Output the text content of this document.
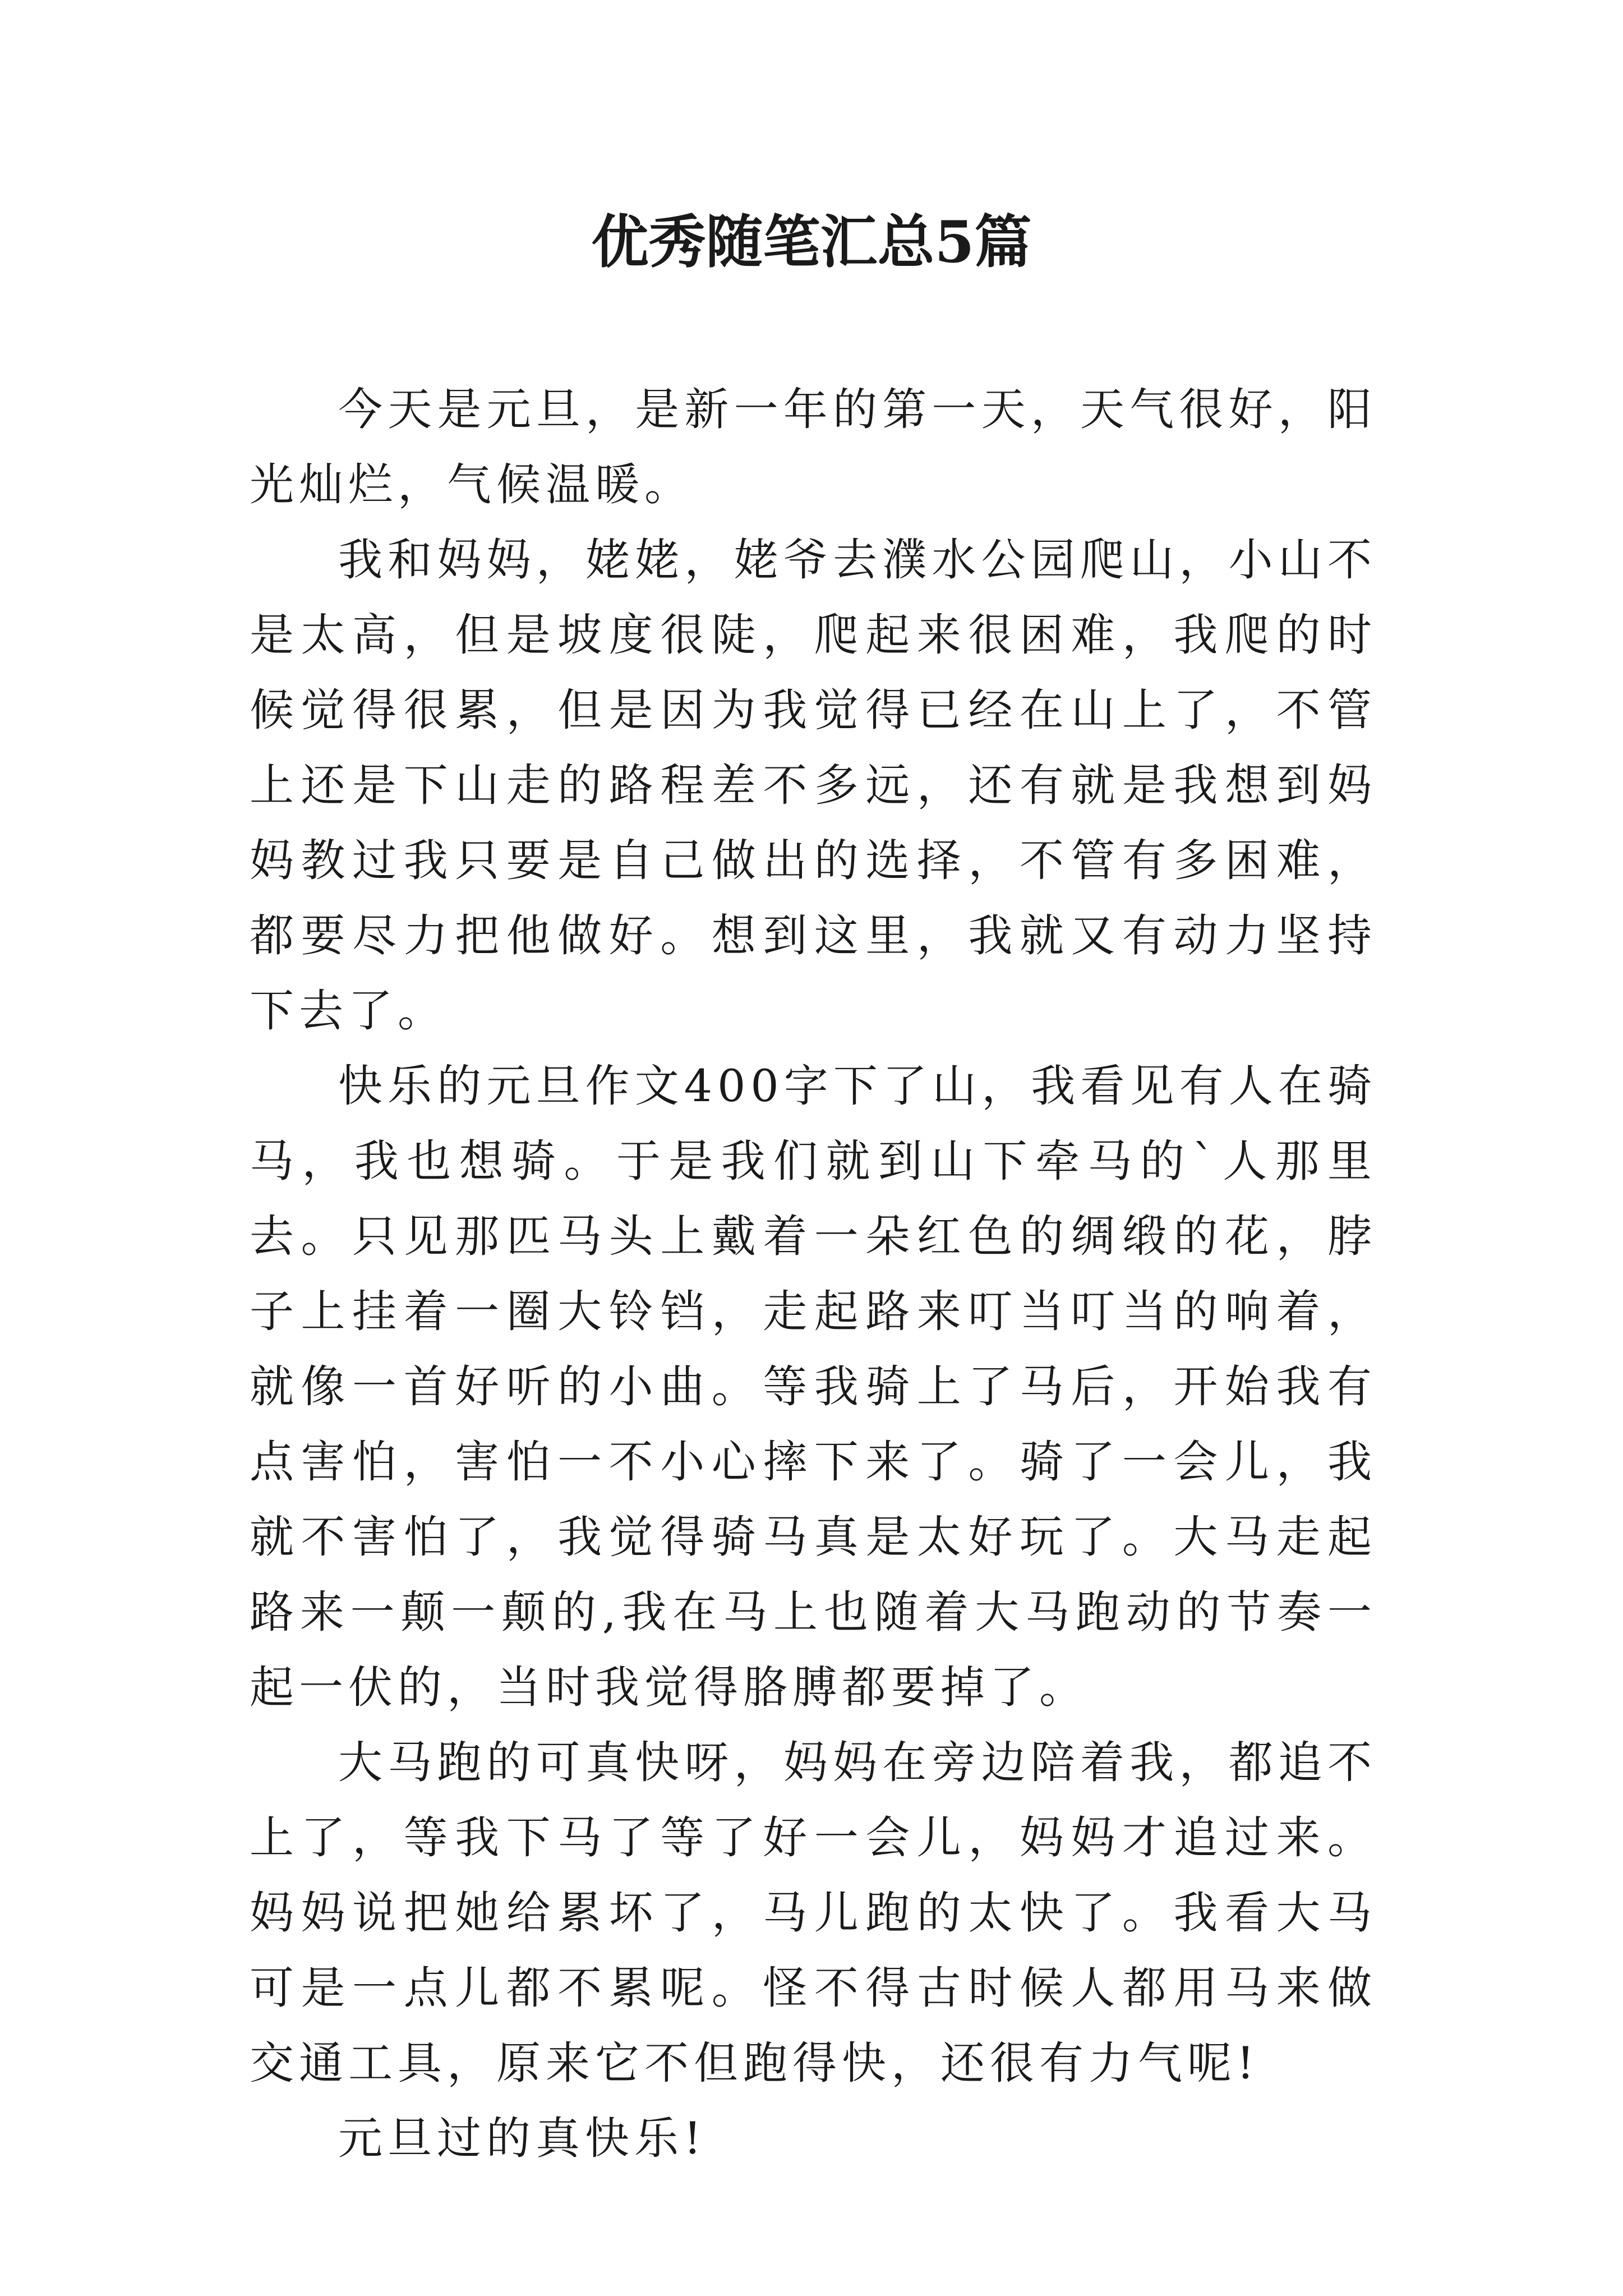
优秀随笔汇总5篇

今天是元旦，是新一年的第一天，天气很好，阳光灿烂，气候温暖。

我和妈妈，姥姥，姥爷去濮水公园爬山，小山不是太高，但是坡度很陡，爬起来很困难，我爬的时候觉得很累，但是因为我觉得已经在山上了，不管上还是下山走的路程差不多远，还有就是我想到妈妈教过我只要是自己做出的选择，不管有多困难，都要尽力把他做好。想到这里，我就又有动力坚持下去了。

快乐的元旦作文400字下了山，我看见有人在骑马，我也想骑。于是我们就到山下牵马的`人那里去。只见那匹马头上戴着一朵红色的绸缎的花，脖子上挂着一圈大铃铛，走起路来叮当叮当的响着，就像一首好听的小曲。等我骑上了马后，开始我有点害怕，害怕一不小心摔下来了。骑了一会儿，我就不害怕了，我觉得骑马真是太好玩了。大马走起路来一颠一颠的,我在马上也随着大马跑动的节奏一起一伏的，当时我觉得胳膊都要掉了。

大马跑的可真快呀，妈妈在旁边陪着我，都追不上了，等我下马了等了好一会儿，妈妈才追过来。妈妈说把她给累坏了，马儿跑的太快了。我看大马可是一点儿都不累呢。怪不得古时候人都用马来做交通工具，原来它不但跑得快，还很有力气呢!

元旦过的真快乐!
